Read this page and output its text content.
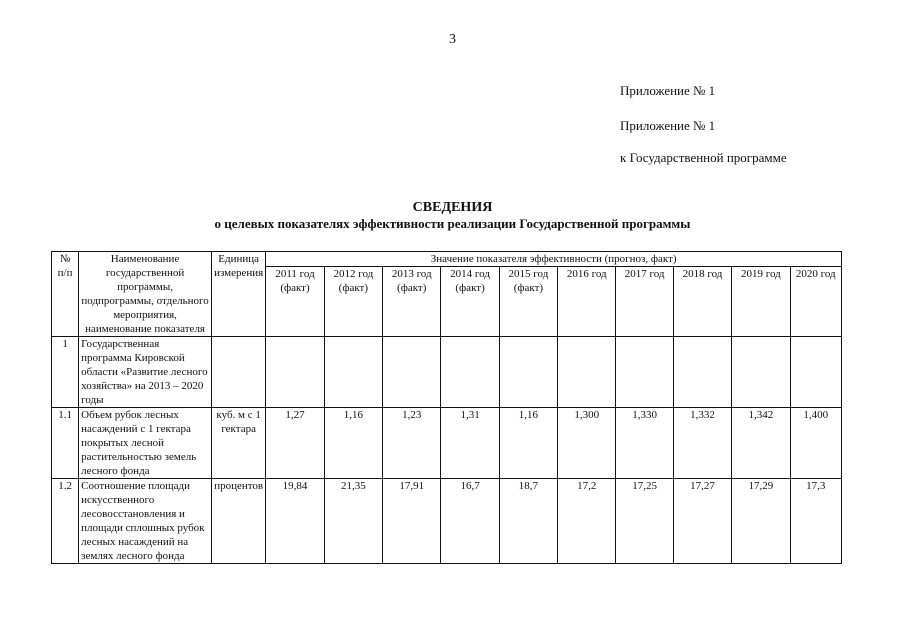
3
Приложение № 1
Приложение № 1
к Государственной программе
СВЕДЕНИЯ
о целевых показателях эффективности реализации Государственной программы
№ п/п	Наименование государственной программы, подпрограммы, отдельного мероприятия, наименование показателя	Единица измерения	Значение показателя эффективности (прогноз, факт)									
			2011 год (факт)	2012 год (факт)	2013 год (факт)	2014 год (факт)	2015 год (факт)	2016 год	2017 год	2018 год	2019 год	2020 год
1	Государственная программа Кировской области «Развитие лесного хозяйства» на 2013 – 2020 годы											
1.1	Объем рубок лесных насаждений с 1 гектара покрытых лесной растительностью земель лесного фонда	куб. м с 1 гектара	1,27	1,16	1,23	1,31	1,16	1,300	1,330	1,332	1,342	1,400
1.2	Соотношение площади искусственного лесовосстановления и площади сплошных рубок лесных насаждений на землях лесного фонда	процентов	19,84	21,35	17,91	16,7	18,7	17,2	17,25	17,27	17,29	17,3
